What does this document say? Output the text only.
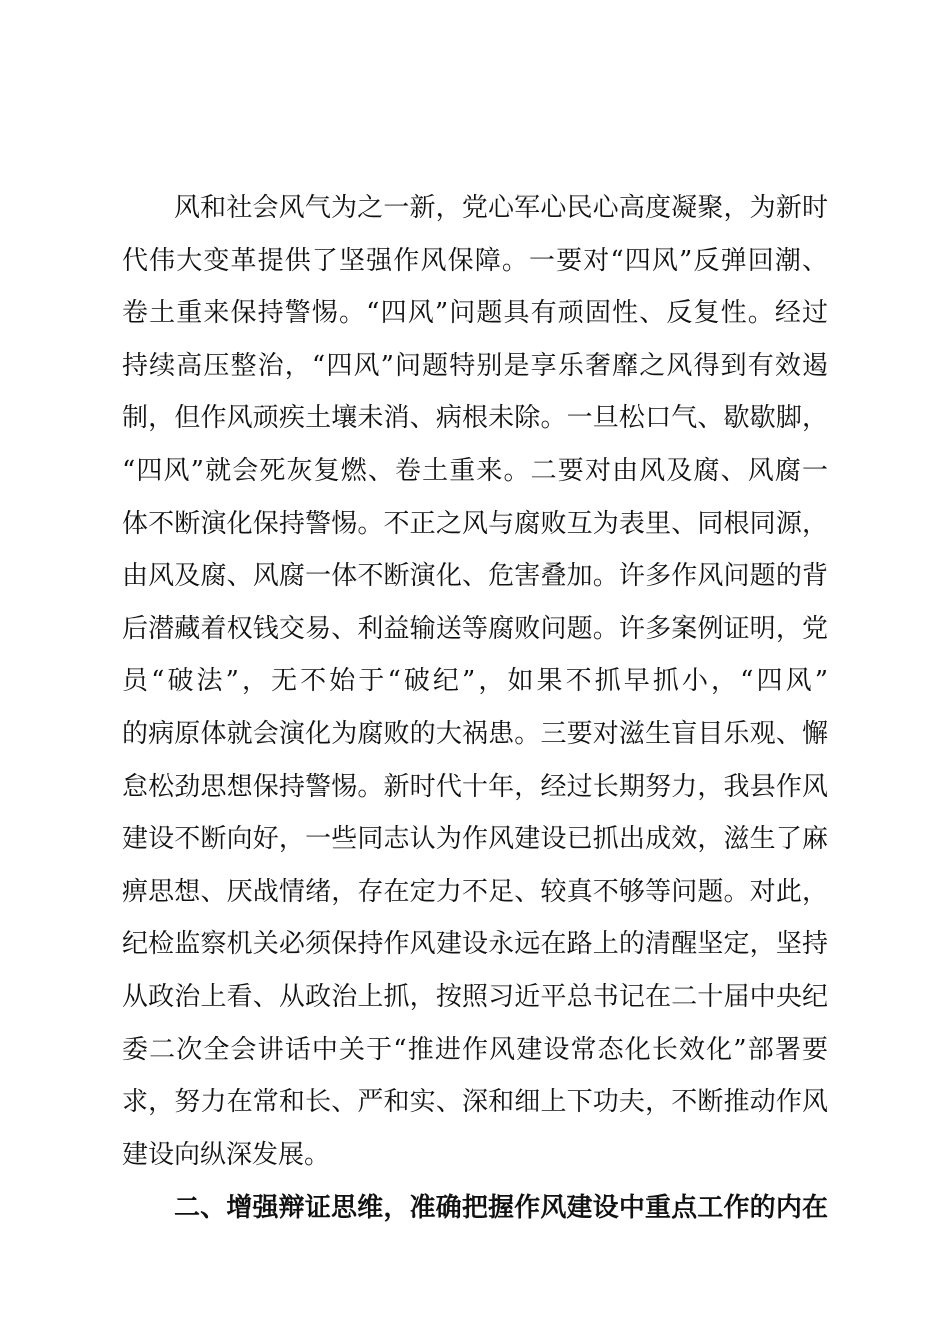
风和社会风气为之一新，党心军心民心高度凝聚，为新时
代伟大变革提供了坚强作风保障。一要对“四风”反弹回潮、
卷土重来保持警惕。“四风”问题具有顽固性、反复性。经过
持续高压整治，“四风”问题特别是享乐奢靡之风得到有效遏
制，但作风顽疾土壤未消、病根未除。一旦松口气、歇歇脚，
“四风”就会死灰复燃、卷土重来。二要对由风及腐、风腐一
体不断演化保持警惕。不正之风与腐败互为表里、同根同源，
由风及腐、风腐一体不断演化、危害叠加。许多作风问题的背
后潜藏着权钱交易、利益输送等腐败问题。许多案例证明，党
员“破法”，无不始于“破纪”，如果不抓早抓小，“四风”
的病原体就会演化为腐败的大祸患。三要对滋生盲目乐观、懈
怠松劲思想保持警惕。新时代十年，经过长期努力，我县作风
建设不断向好，一些同志认为作风建设已抓出成效，滋生了麻
痹思想、厌战情绪，存在定力不足、较真不够等问题。对此，
纪检监察机关必须保持作风建设永远在路上的清醒坚定，坚持
从政治上看、从政治上抓，按照习近平总书记在二十届中央纪
委二次全会讲话中关于“推进作风建设常态化长效化”部署要
求，努力在常和长、严和实、深和细上下功夫，不断推动作风
建设向纵深发展。
二、增强辩证思维，准确把握作风建设中重点工作的内在
